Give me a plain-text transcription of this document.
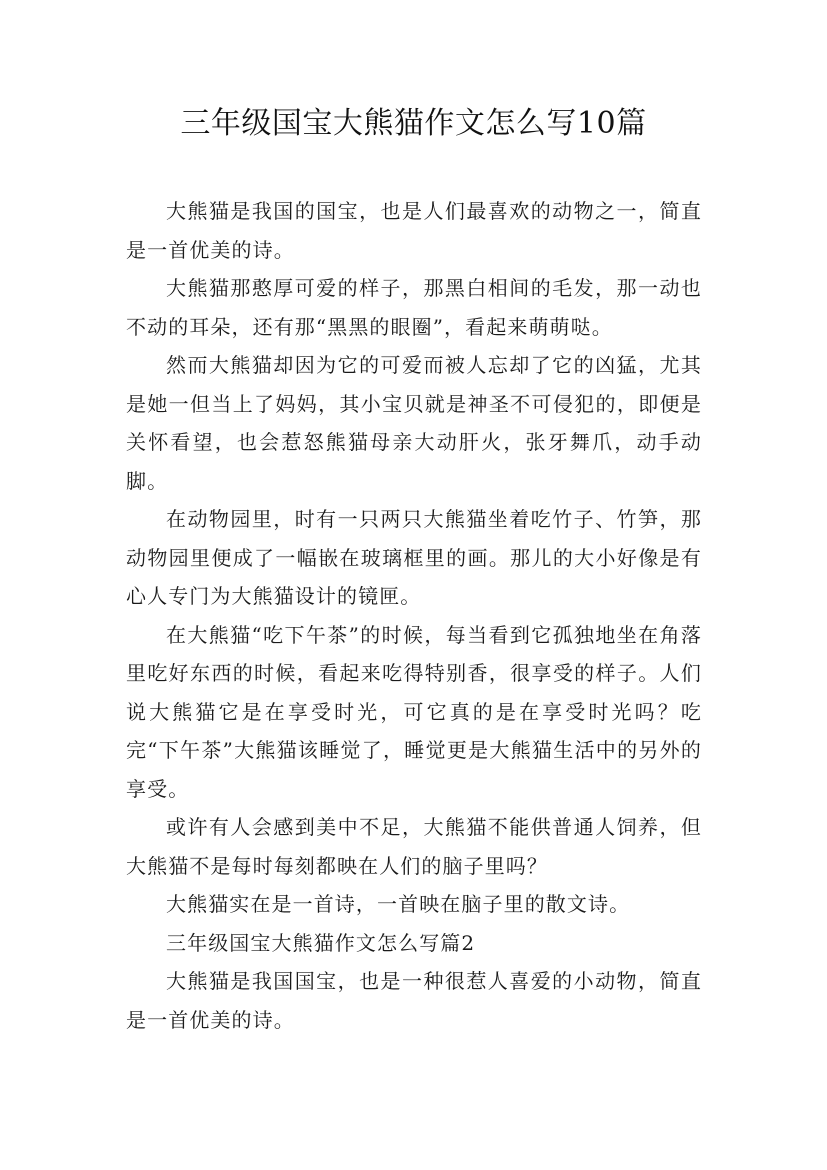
三年级国宝大熊猫作文怎么写10篇

大熊猫是我国的国宝，也是人们最喜欢的动物之一，简直是一首优美的诗。

大熊猫那憨厚可爱的样子，那黑白相间的毛发，那一动也不动的耳朵，还有那“黑黑的眼圈”，看起来萌萌哒。

然而大熊猫却因为它的可爱而被人忘却了它的凶猛，尤其是她一但当上了妈妈，其小宝贝就是神圣不可侵犯的，即便是关怀看望，也会惹怒熊猫母亲大动肝火，张牙舞爪，动手动脚。

在动物园里，时有一只两只大熊猫坐着吃竹子、竹笋，那动物园里便成了一幅嵌在玻璃框里的画。那儿的大小好像是有心人专门为大熊猫设计的镜匣。

在大熊猫“吃下午茶”的时候，每当看到它孤独地坐在角落里吃好东西的时候，看起来吃得特别香，很享受的样子。人们说大熊猫它是在享受时光，可它真的是在享受时光吗？吃完“下午茶”大熊猫该睡觉了，睡觉更是大熊猫生活中的另外的享受。

或许有人会感到美中不足，大熊猫不能供普通人饲养，但大熊猫不是每时每刻都映在人们的脑子里吗？

大熊猫实在是一首诗，一首映在脑子里的散文诗。

三年级国宝大熊猫作文怎么写篇2

大熊猫是我国国宝，也是一种很惹人喜爱的小动物，简直是一首优美的诗。
